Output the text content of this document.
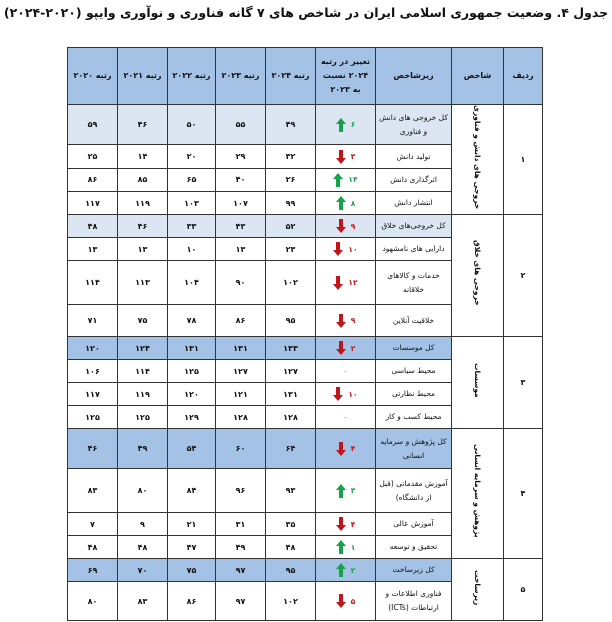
جدول ۴. وضعیت جمهوری اسلامی ایران در شاخص های ۷ گانه فناوری و نوآوری وایپو (۲۰۲۰-۲۰۲۴)
ردیف	شاخص	زیرشاخص	تغییر در رتبه ۲۰۲۴ نسبت به ۲۰۲۳	رتبه ۲۰۲۴	رتبه ۲۰۲۳	رتبه ۲۰۲۲	رتبه ۲۰۲۱	رتبه ۲۰۲۰
۱	خروجی های دانش و فناوری	کل خروجی های دانش و فناوری	۶	۴۹	۵۵	۵۰	۴۶	۵۹
		تولید دانش	۳	۳۲	۲۹	۲۰	۱۴	۲۵
		اثرگذاری دانش	۱۴	۲۶	۴۰	۶۵	۸۵	۸۶
		انتشار دانش	۸	۹۹	۱۰۷	۱۰۳	۱۱۹	۱۱۷
۲	خروجی های خلاق	کل خروجی‌های خلاق	۹	۵۲	۴۳	۳۳	۴۶	۴۸
		دارایی های نامشهود	۱۰	۲۳	۱۳	۱۰	۱۳	۱۳
		خدمات و کالاهای خلاقانه	۱۲	۱۰۲	۹۰	۱۰۴	۱۱۳	۱۱۴
		خلاقیت آنلاین	۹	۹۵	۸۶	۷۸	۷۵	۷۱
۳	موسسات	کل موسسات	۲	۱۳۳	۱۳۱	۱۳۱	۱۲۴	۱۲۰
		محیط سیاسی	-	۱۲۷	۱۲۷	۱۲۵	۱۱۴	۱۰۶
		محیط نظارتی	۱۰	۱۳۱	۱۲۱	۱۲۰	۱۱۹	۱۱۷
		محیط کسب و کار	-	۱۲۸	۱۲۸	۱۲۹	۱۲۵	۱۲۵
۴	پژوهش و سرمایه انسانی	کل پژوهش و سرمایه انسانی	۴	۶۴	۶۰	۵۴	۴۹	۴۶
		آموزش مقدماتی (قبل از دانشگاه)	۳	۹۳	۹۶	۸۴	۸۰	۸۳
		آموزش عالی	۴	۳۵	۳۱	۲۱	۹	۷
		تحقیق و توسعه	۱	۴۸	۴۹	۴۷	۴۸	۴۸
۵	زیرساخت	کل زیرساخت	۲	۹۵	۹۷	۷۵	۷۰	۶۹
		فناوری اطلاعات و ارتباطات (ICTs)	۵	۱۰۲	۹۷	۸۶	۸۳	۸۰
